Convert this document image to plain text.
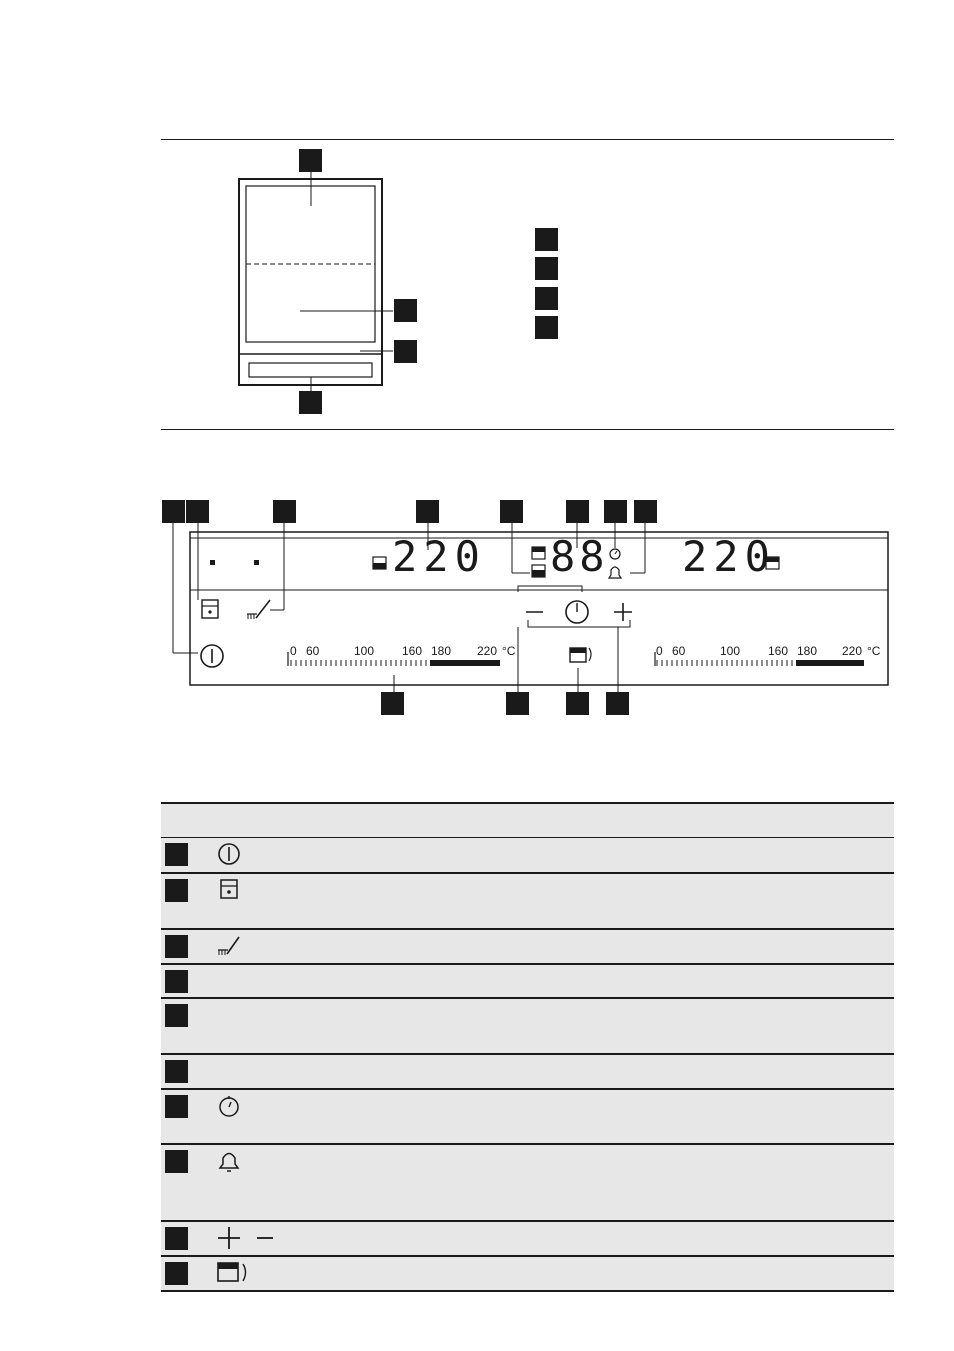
220 88 220
0 60	100 160 180 220 °C	0 60	100 160 180 220 °C
